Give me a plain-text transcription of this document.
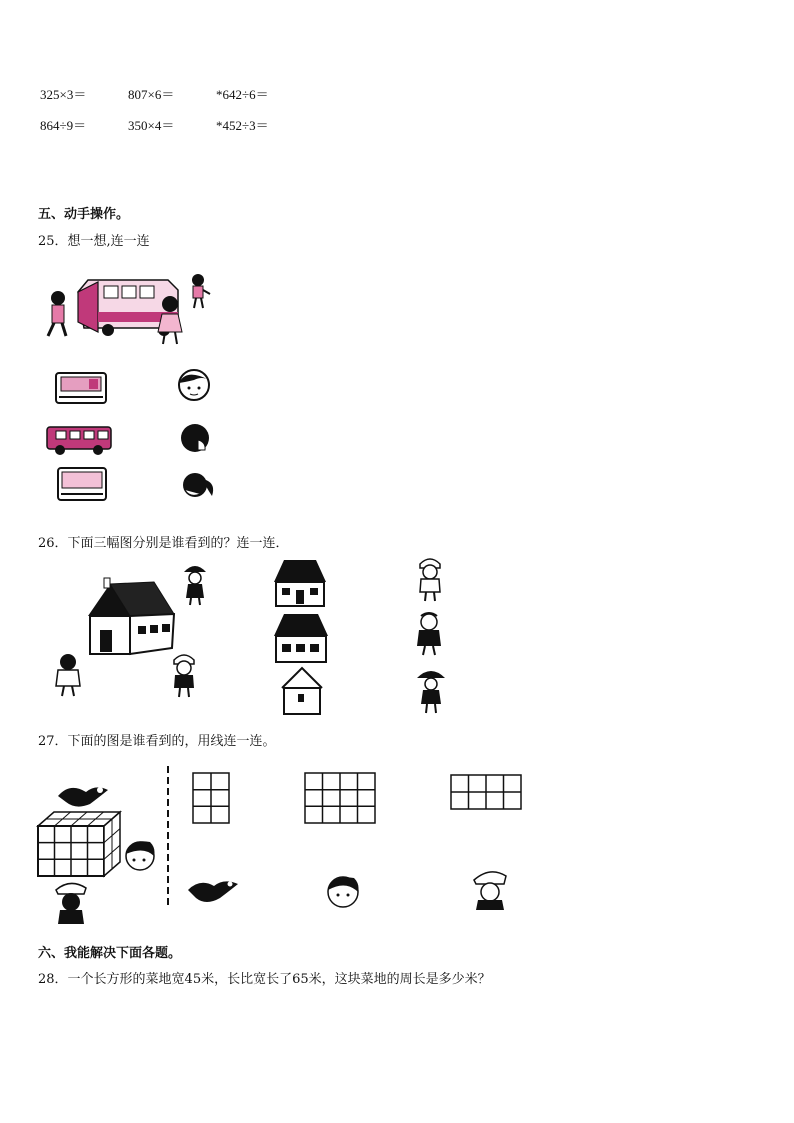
325×3＝	807×6＝	*642÷6＝
864÷9＝	350×4＝	*452÷3＝
五、动手操作。
25．想一想,连一连
26．下面三幅图分别是谁看到的？连一连．
27．下面的图是谁看到的，用线连一连。
六、我能解决下面各题。
28．一个长方形的菜地宽45米，长比宽长了65米，这块菜地的周长是多少米？
